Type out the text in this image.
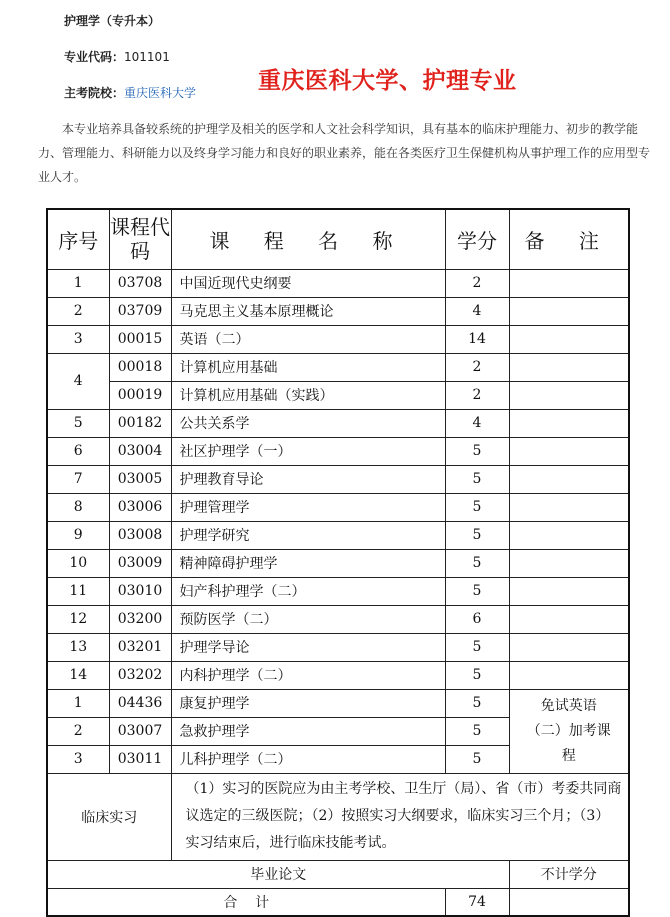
护理学（专升本）
专业代码：101101
主考院校：重庆医科大学	重庆医科大学、护理专业

本专业培养具备较系统的护理学及相关的医学和人文社会科学知识，具有基本的临床护理能力、初步的教学能力、管理能力、科研能力以及终身学习能力和良好的职业素养，能在各类医疗卫生保健机构从事护理工作的应用型专业人才。

序号	课程代码	课 程 名 称	学分	备 注
1	03708	中国近现代史纲要	2	
2	03709	马克思主义基本原理概论	4	
3	00015	英语（二）	14	
4	00018	计算机应用基础	2	
	00019	计算机应用基础（实践）	2	
5	00182	公共关系学	4	
6	03004	社区护理学（一）	5	
7	03005	护理教育导论	5	
8	03006	护理管理学	5	
9	03008	护理学研究	5	
10	03009	精神障碍护理学	5	
11	03010	妇产科护理学（二）	5	
12	03200	预防医学（二）	6	
13	03201	护理学导论	5	
14	03202	内科护理学（二）	5	
1	04436	康复护理学	5	免试英语（二）加考课程
2	03007	急救护理学	5	
3	03011	儿科护理学（二）	5	
临床实习		（1）实习的医院应为由主考学校、卫生厅（局）、省（市）考委共同商议选定的三级医院；（2）按照实习大纲要求，临床实习三个月；（3）实习结束后，进行临床技能考试。		
毕业论文				不计学分
合    计			74	
